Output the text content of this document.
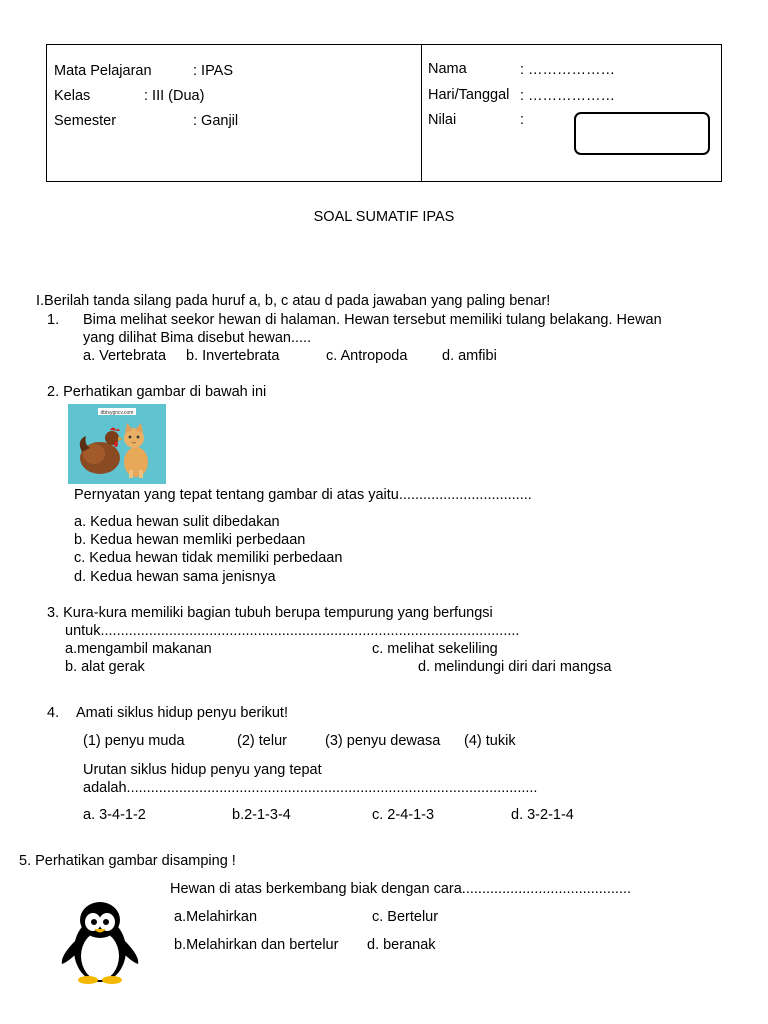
Mata Pelajaran	: IPAS
Kelas	: III (Dua)
Semester	: Ganjil
Nama	: ………………
Hari/Tanggal : ………………
Nilai	:
SOAL SUMATIF IPAS
I.Berilah tanda silang pada huruf a, b, c atau d pada jawaban yang paling benar!
1. Bima melihat seekor hewan di halaman. Hewan tersebut memiliki tulang belakang. Hewan
yang dilihat Bima disebut hewan.....
a. Vertebrata b. Invertebrata	c. Antropoda d. amfibi
2. Perhatikan gambar di bawah ini
dbtsygncv.com
Pernyatan yang tepat tentang gambar di atas yaitu.................................
a. Kedua hewan sulit dibedakan
b. Kedua hewan memliki perbedaan
c. Kedua hewan tidak memiliki perbedaan
d. Kedua hewan sama jenisnya
3. Kura-kura memiliki bagian tubuh berupa tempurung yang berfungsi
untuk........................................................................................................
a.mengambil makanan	c. melihat sekeliling
b. alat gerak	d. melindungi diri dari mangsa
4. Amati siklus hidup penyu berikut!
(1) penyu muda	(2) telur	(3) penyu dewasa (4) tukik
Urutan siklus hidup penyu yang tepat
adalah......................................................................................................
a. 3-4-1-2	b.2-1-3-4	c. 2-4-1-3	d. 3-2-1-4
5. Perhatikan gambar disamping !
Hewan di atas berkembang biak dengan cara..........................................
a.Melahirkan	c. Bertelur
b.Melahirkan dan bertelur d. beranak
